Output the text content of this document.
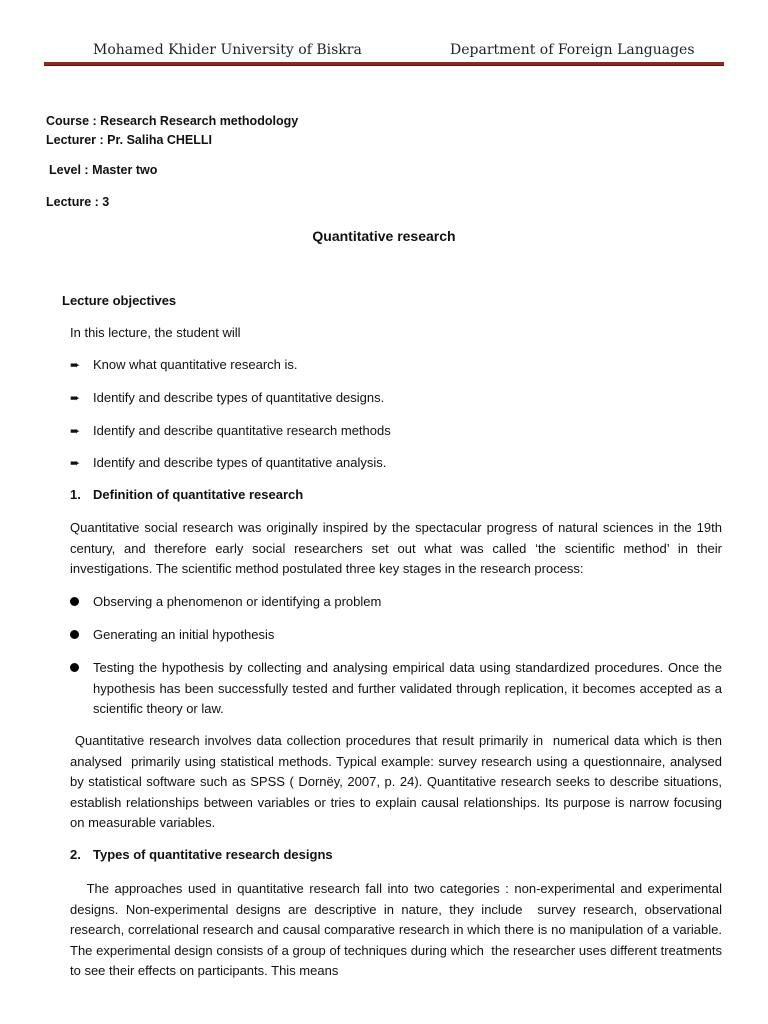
Mohamed Khider University of Biskra	Department of Foreign Languages
Course : Research Research methodology
Lecturer : Pr. Saliha CHELLI
Level : Master two
Lecture : 3
Quantitative research
Lecture objectives
In this lecture, the student will
➨ Know what quantitative research is.
➨ Identify and describe types of quantitative designs.
➨ Identify and describe quantitative research methods
➨ Identify and describe types of quantitative analysis.
1. Definition of quantitative research
Quantitative social research was originally inspired by the spectacular progress of natural sciences in the 19th century, and therefore early social researchers set out what was called ‘the scientific method’ in their investigations. The scientific method postulated three key stages in the research process:
Observing a phenomenon or identifying a problem
Generating an initial hypothesis
Testing the hypothesis by collecting and analysing empirical data using standardized procedures. Once the hypothesis has been successfully tested and further validated through replication, it becomes accepted as a scientific theory or law.
Quantitative research involves data collection procedures that result primarily in  numerical data which is then analysed  primarily using statistical methods. Typical example: survey research using a questionnaire, analysed by statistical software such as SPSS ( Dornëy, 2007, p. 24). Quantitative research seeks to describe situations, establish relationships between variables or tries to explain causal relationships. Its purpose is narrow focusing on measurable variables.
2. Types of quantitative research designs
The approaches used in quantitative research fall into two categories : non-experimental and experimental designs. Non-experimental designs are descriptive in nature, they include  survey research, observational research, correlational research and causal comparative research in which there is no manipulation of a variable. The experimental design consists of a group of techniques during which  the researcher uses different treatments to see their effects on participants. This means
